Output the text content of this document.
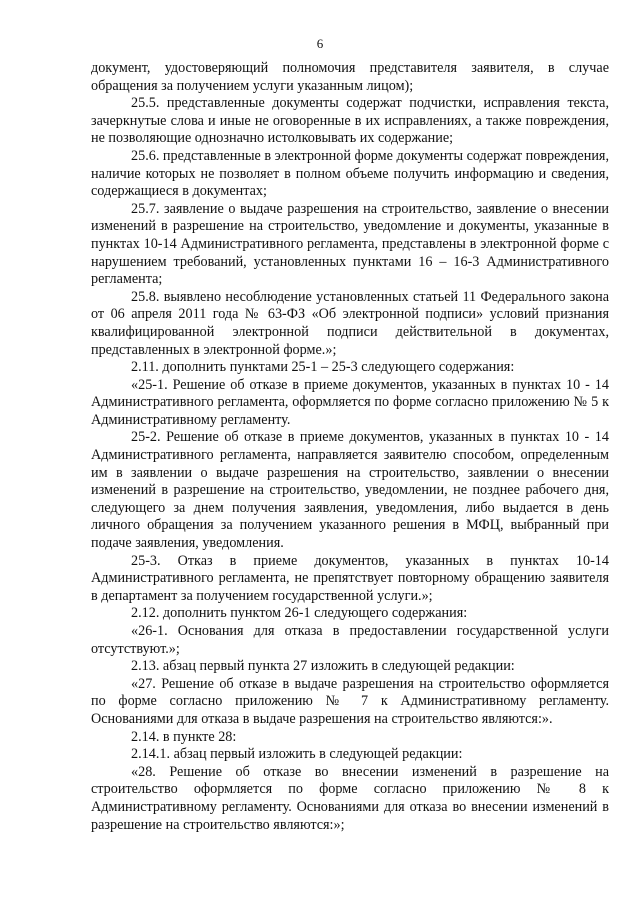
6

документ, удостоверяющий полномочия представителя заявителя, в случае обращения за получением услуги указанным лицом);

25.5. представленные документы содержат подчистки, исправления текста, зачеркнутые слова и иные не оговоренные в их исправлениях, а также повреждения, не позволяющие однозначно истолковывать их содержание;

25.6. представленные в электронной форме документы содержат повреждения, наличие которых не позволяет в полном объеме получить информацию и сведения, содержащиеся в документах;

25.7. заявление о выдаче разрешения на строительство, заявление о внесении изменений в разрешение на строительство, уведомление и документы, указанные в пунктах 10-14 Административного регламента, представлены в электронной форме с нарушением требований, установленных пунктами 16 – 16-3 Административного регламента;

25.8. выявлено несоблюдение установленных статьей 11 Федерального закона от 06 апреля 2011 года № 63-ФЗ «Об электронной подписи» условий признания квалифицированной электронной подписи действительной в документах, представленных в электронной форме.»;

2.11. дополнить пунктами 25-1 – 25-3 следующего содержания:

«25-1. Решение об отказе в приеме документов, указанных в пунктах 10 - 14 Административного регламента, оформляется по форме согласно приложению № 5 к Административному регламенту.

25-2. Решение об отказе в приеме документов, указанных в пунктах 10 - 14 Административного регламента, направляется заявителю способом, определенным им в заявлении о выдаче разрешения на строительство, заявлении о внесении изменений в разрешение на строительство, уведомлении, не позднее рабочего дня, следующего за днем получения заявления, уведомления, либо выдается в день личного обращения за получением указанного решения в МФЦ, выбранный при подаче заявления, уведомления.

25-3. Отказ в приеме документов, указанных в пунктах 10-14 Административного регламента, не препятствует повторному обращению заявителя в департамент за получением государственной услуги.»;

2.12. дополнить пунктом 26-1 следующего содержания:

«26-1. Основания для отказа в предоставлении государственной услуги отсутствуют.»;

2.13. абзац первый пункта 27 изложить в следующей редакции:

«27. Решение об отказе в выдаче разрешения на строительство оформляется по форме согласно приложению № 7 к Административному регламенту. Основаниями для отказа в выдаче разрешения на строительство являются:».

2.14. в пункте 28:

2.14.1. абзац первый изложить в следующей редакции:

«28. Решение об отказе во внесении изменений в разрешение на строительство оформляется по форме согласно приложению № 8 к Административному регламенту. Основаниями для отказа во внесении изменений в разрешение на строительство являются:»;
